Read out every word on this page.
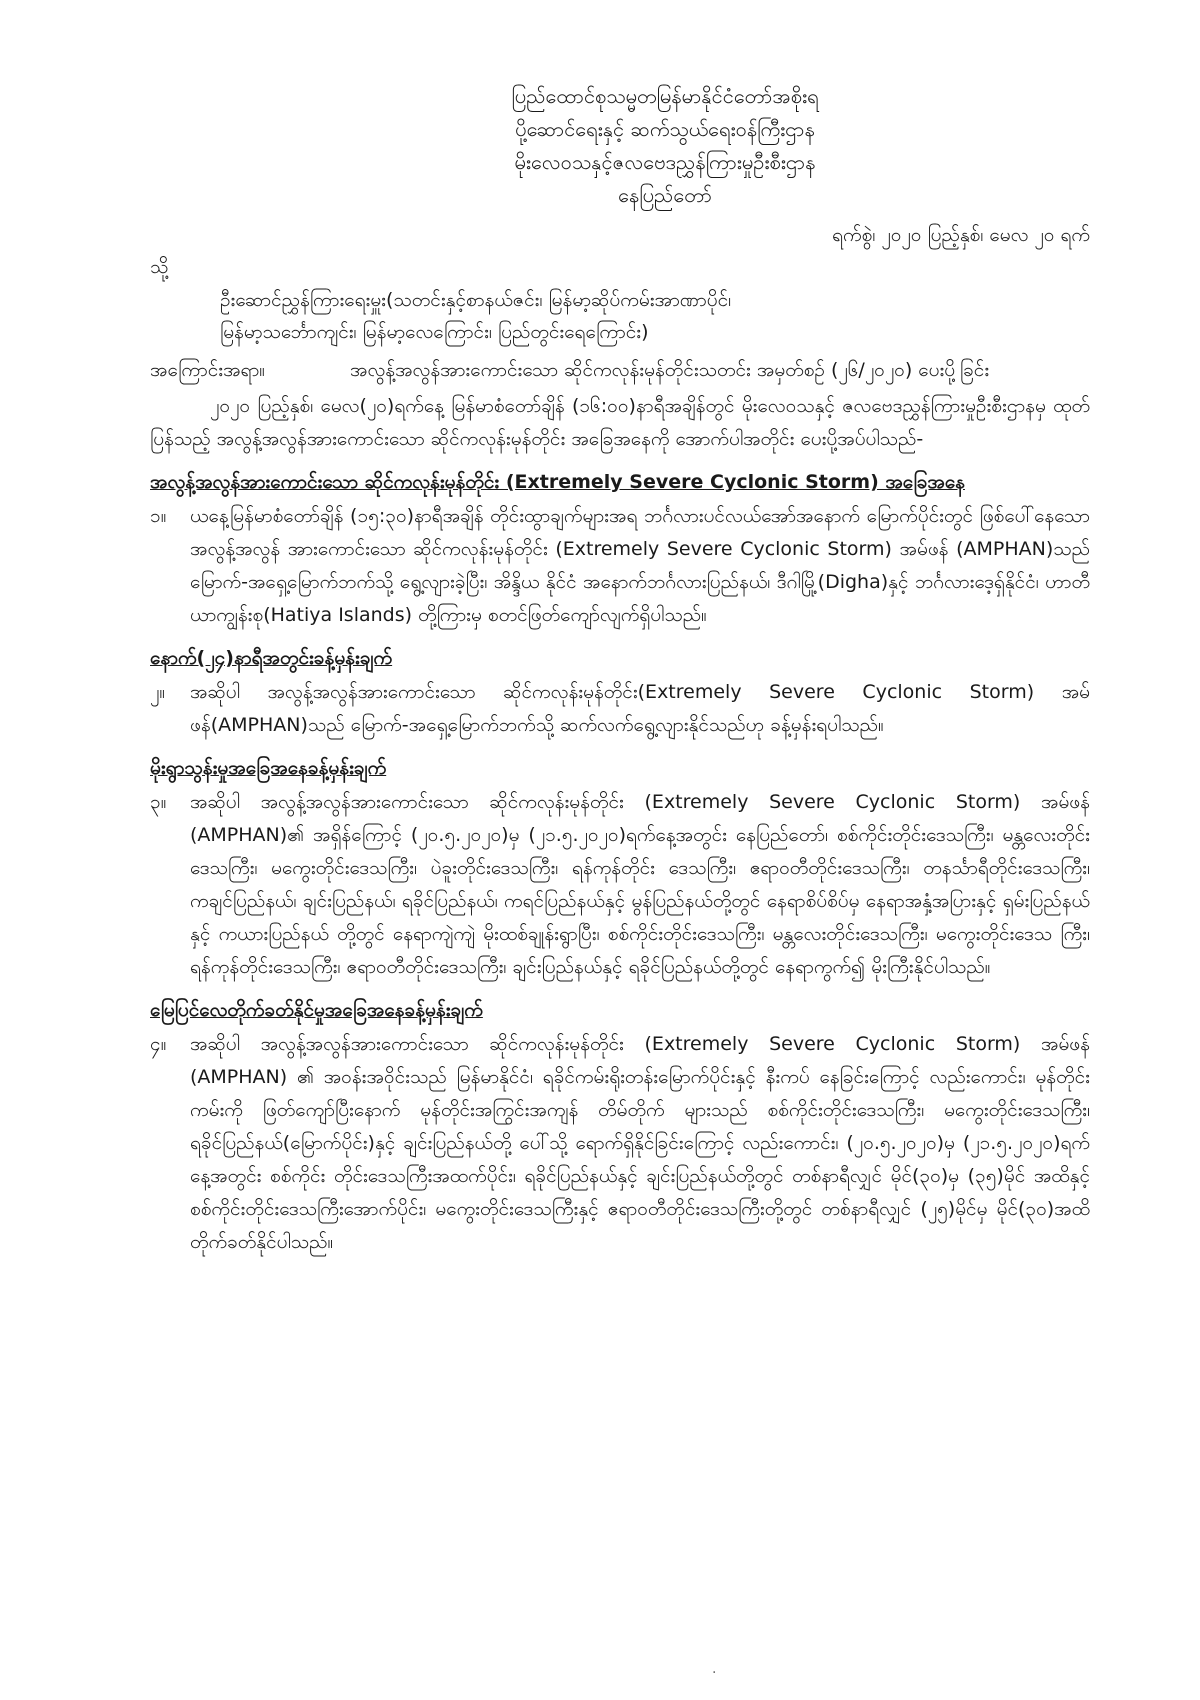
ပြည်ထောင်စုသမ္မတမြန်မာနိုင်ငံတော်အစိုးရ
ပို့ဆောင်ရေးနှင့် ဆက်သွယ်ရေးဝန်ကြီးဌာန
မိုးလေဝသနှင့်ဇလဗေဒညွှန်ကြားမှုဦးစီးဌာန
နေပြည်တော်
ရက်စွဲ၊ ၂၀၂၀ ပြည့်နှစ်၊ မေလ ၂၀ ရက်
သို့
ဦးဆောင်ညွှန်ကြားရေးမှူး(သတင်းနှင့်စာနယ်ဇင်း၊ မြန်မာ့ဆိုပ်ကမ်းအာဏာပိုင်၊
မြန်မာ့သင်္ဘောကျင်း၊ မြန်မာ့လေကြောင်း၊ ပြည်တွင်းရေကြောင်း)
အကြောင်းအရာ။	အလွန့်အလွန်အားကောင်းသော ဆိုင်ကလုန်းမုန်တိုင်းသတင်း အမှတ်စဉ် (၂၆/၂၀၂၀) ပေးပို့ခြင်း

၂၀၂၀ ပြည့်နှစ်၊ မေလ(၂၀)ရက်နေ့ မြန်မာစံတော်ချိန် (၁၆:၀၀)နာရီအချိန်တွင် မိုးလေဝသနှင့် ဇလဗေဒညွှန်ကြားမှုဦးစီးဌာနမှ ထုတ်ပြန်သည့် အလွန့်အလွန်အားကောင်းသော ဆိုင်ကလုန်းမုန်တိုင်း အခြေအနေကို အောက်ပါအတိုင်း ပေးပို့အပ်ပါသည်-

အလွန့်အလွန်အားကောင်းသော ဆိုင်ကလုန်းမုန်တိုင်း (Extremely Severe Cyclonic Storm) အခြေအနေ
၁။	ယနေ့မြန်မာစံတော်ချိန် (၁၅:၃၀)နာရီအချိန် တိုင်းထွာချက်များအရ ဘင်္ဂလားပင်လယ်အော်အနောက် မြောက်ပိုင်းတွင် ဖြစ်ပေါ်နေသော အလွန့်အလွန် အားကောင်းသော ဆိုင်ကလုန်းမုန်တိုင်း (Extremely Severe Cyclonic Storm) အမ်ဖန် (AMPHAN)သည် မြောက်-အရှေ့မြောက်ဘက်သို့ ရွေ့လျားခဲ့ပြီး၊ အိန္ဒိယ နိုင်ငံ အနောက်ဘင်္ဂလားပြည်နယ်၊ ဒီဂါမြို့(Digha)နှင့် ဘင်္ဂလားဒေ့ရှ်နိုင်ငံ၊ ဟာတီယာကျွန်းစု(Hatiya Islands) တို့ကြားမှ စတင်ဖြတ်ကျော်လျက်ရှိပါသည်။
နောက်(၂၄)နာရီအတွင်းခန့်မှန်းချက်
၂။	အဆိုပါ အလွန့်အလွန်အားကောင်းသော ဆိုင်ကလုန်းမုန်တိုင်း(Extremely Severe Cyclonic Storm) အမ်ဖန်(AMPHAN)သည် မြောက်-အရှေ့မြောက်ဘက်သို့ ဆက်လက်ရွေ့လျားနိုင်သည်ဟု ခန့်မှန်းရပါသည်။
မိုးရွာသွန်းမှုအခြေအနေခန့်မှန်းချက်
၃။	အဆိုပါ အလွန့်အလွန်အားကောင်းသော ဆိုင်ကလုန်းမုန်တိုင်း (Extremely Severe Cyclonic Storm) အမ်ဖန် (AMPHAN)၏ အရှိန်ကြောင့် (၂၀.၅.၂၀၂၀)မှ (၂၁.၅.၂၀၂၀)ရက်နေ့အတွင်း နေပြည်တော်၊ စစ်ကိုင်းတိုင်းဒေသကြီး၊ မန္တလေးတိုင်းဒေသကြီး၊ မကွေးတိုင်းဒေသကြီး၊ ပဲခူးတိုင်းဒေသကြီး၊ ရန်ကုန်တိုင်း ဒေသကြီး၊ ဧရာဝတီတိုင်းဒေသကြီး၊ တနင်္သာရီတိုင်းဒေသကြီး၊ ကချင်ပြည်နယ်၊ ချင်းပြည်နယ်၊ ရခိုင်ပြည်နယ်၊ ကရင်ပြည်နယ်နှင့် မွန်ပြည်နယ်တို့တွင် နေရာစိပ်စိပ်မှ နေရာအနှံ့အပြားနှင့် ရှမ်းပြည်နယ်နှင့် ကယားပြည်နယ် တို့တွင် နေရာကျဲကျဲ မိုးထစ်ချုန်းရွာပြီး၊ စစ်ကိုင်းတိုင်းဒေသကြီး၊ မန္တလေးတိုင်းဒေသကြီး၊ မကွေးတိုင်းဒေသ ကြီး၊ ရန်ကုန်တိုင်းဒေသကြီး၊ ဧရာဝတီတိုင်းဒေသကြီး၊ ချင်းပြည်နယ်နှင့် ရခိုင်ပြည်နယ်တို့တွင် နေရာကွက်၍ မိုးကြီးနိုင်ပါသည်။
မြေပြင်လေတိုက်ခတ်နိုင်မှုအခြေအနေခန့်မှန်းချက်
၄။	အဆိုပါ အလွန့်အလွန်အားကောင်းသော ဆိုင်ကလုန်းမုန်တိုင်း (Extremely Severe Cyclonic Storm) အမ်ဖန် (AMPHAN) ၏ အဝန်းအဝိုင်းသည် မြန်မာနိုင်ငံ၊ ရခိုင်ကမ်းရိုးတန်းမြောက်ပိုင်းနှင့် နီးကပ် နေခြင်းကြောင့် လည်းကောင်း၊ မုန်တိုင်းကမ်းကို ဖြတ်ကျော်ပြီးနောက် မုန်တိုင်းအကြွင်းအကျန် တိမ်တိုက် များသည် စစ်ကိုင်းတိုင်းဒေသကြီး၊ မကွေးတိုင်းဒေသကြီး၊ ရခိုင်ပြည်နယ်(မြောက်ပိုင်း)နှင့် ချင်းပြည်နယ်တို့ ပေါ်သို့ ရောက်ရှိနိုင်ခြင်းကြောင့် လည်းကောင်း၊ (၂၀.၅.၂၀၂၀)မှ (၂၁.၅.၂၀၂၀)ရက်နေ့အတွင်း စစ်ကိုင်း တိုင်းဒေသကြီးအထက်ပိုင်း၊ ရခိုင်ပြည်နယ်နှင့် ချင်းပြည်နယ်တို့တွင် တစ်နာရီလျှင် မိုင်(၃၀)မှ (၃၅)မိုင် အထိနှင့် စစ်ကိုင်းတိုင်းဒေသကြီးအောက်ပိုင်း၊ မကွေးတိုင်းဒေသကြီးနှင့် ဧရာဝတီတိုင်းဒေသကြီးတို့တွင် တစ်နာရီလျှင် (၂၅)မိုင်မှ မိုင်(၃၀)အထိ တိုက်ခတ်နိုင်ပါသည်။
·
